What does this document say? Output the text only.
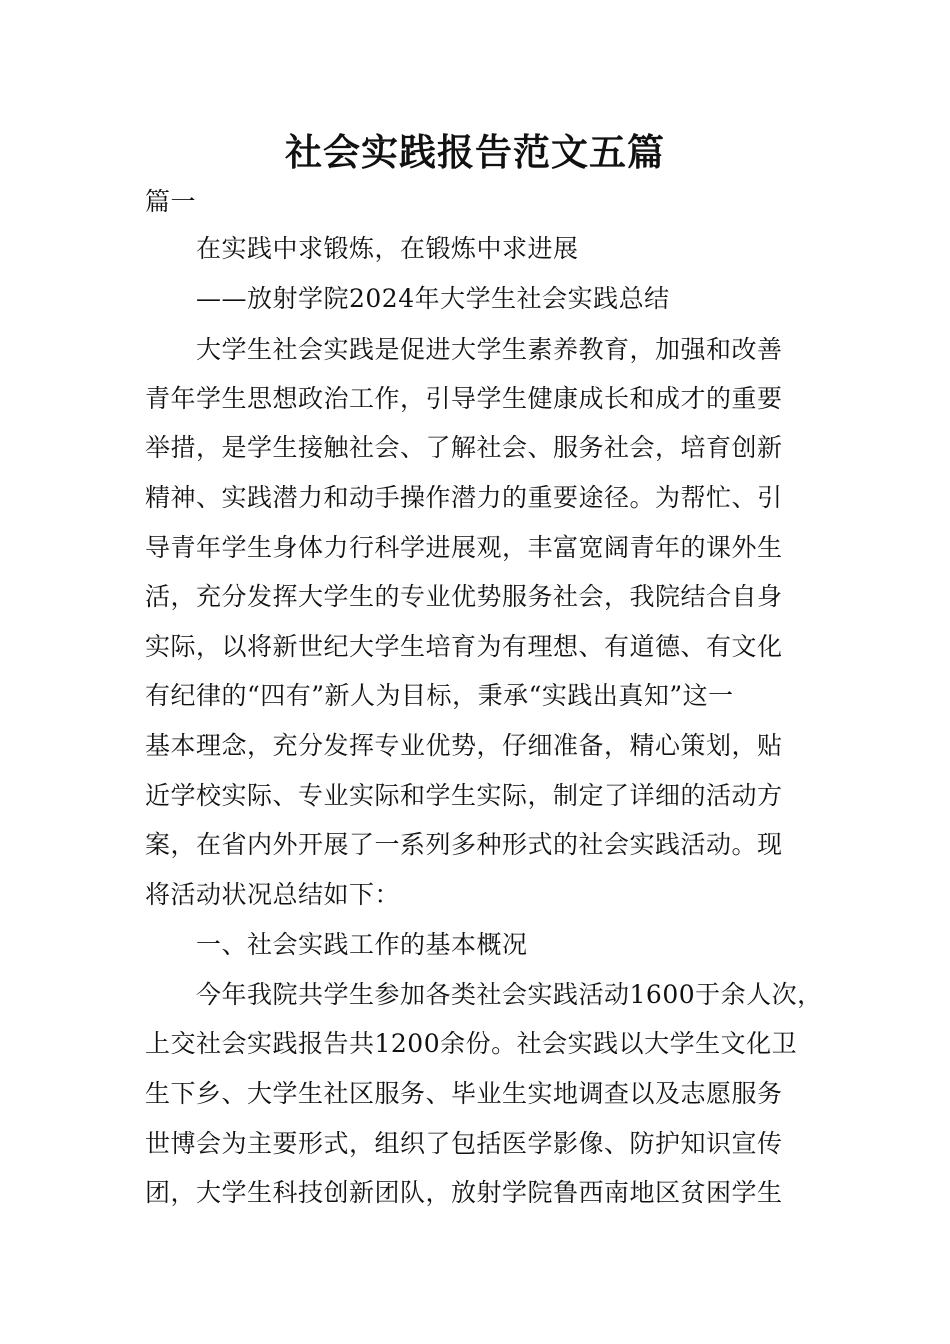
社会实践报告范文五篇
篇一
在实践中求锻炼，在锻炼中求进展
——放射学院2024年大学生社会实践总结
大学生社会实践是促进大学生素养教育，加强和改善
青年学生思想政治工作，引导学生健康成长和成才的重要
举措，是学生接触社会、了解社会、服务社会，培育创新
精神、实践潜力和动手操作潜力的重要途径。为帮忙、引
导青年学生身体力行科学进展观，丰富宽阔青年的课外生
活，充分发挥大学生的专业优势服务社会，我院结合自身
实际，以将新世纪大学生培育为有理想、有道德、有文化
有纪律的“四有”新人为目标，秉承“实践出真知”这一
基本理念，充分发挥专业优势，仔细准备，精心策划，贴
近学校实际、专业实际和学生实际，制定了详细的活动方
案，在省内外开展了一系列多种形式的社会实践活动。现
将活动状况总结如下：
一、社会实践工作的基本概况
今年我院共学生参加各类社会实践活动1600于余人次，
上交社会实践报告共1200余份。社会实践以大学生文化卫
生下乡、大学生社区服务、毕业生实地调查以及志愿服务
世博会为主要形式，组织了包括医学影像、防护知识宣传
团，大学生科技创新团队，放射学院鲁西南地区贫困学生
